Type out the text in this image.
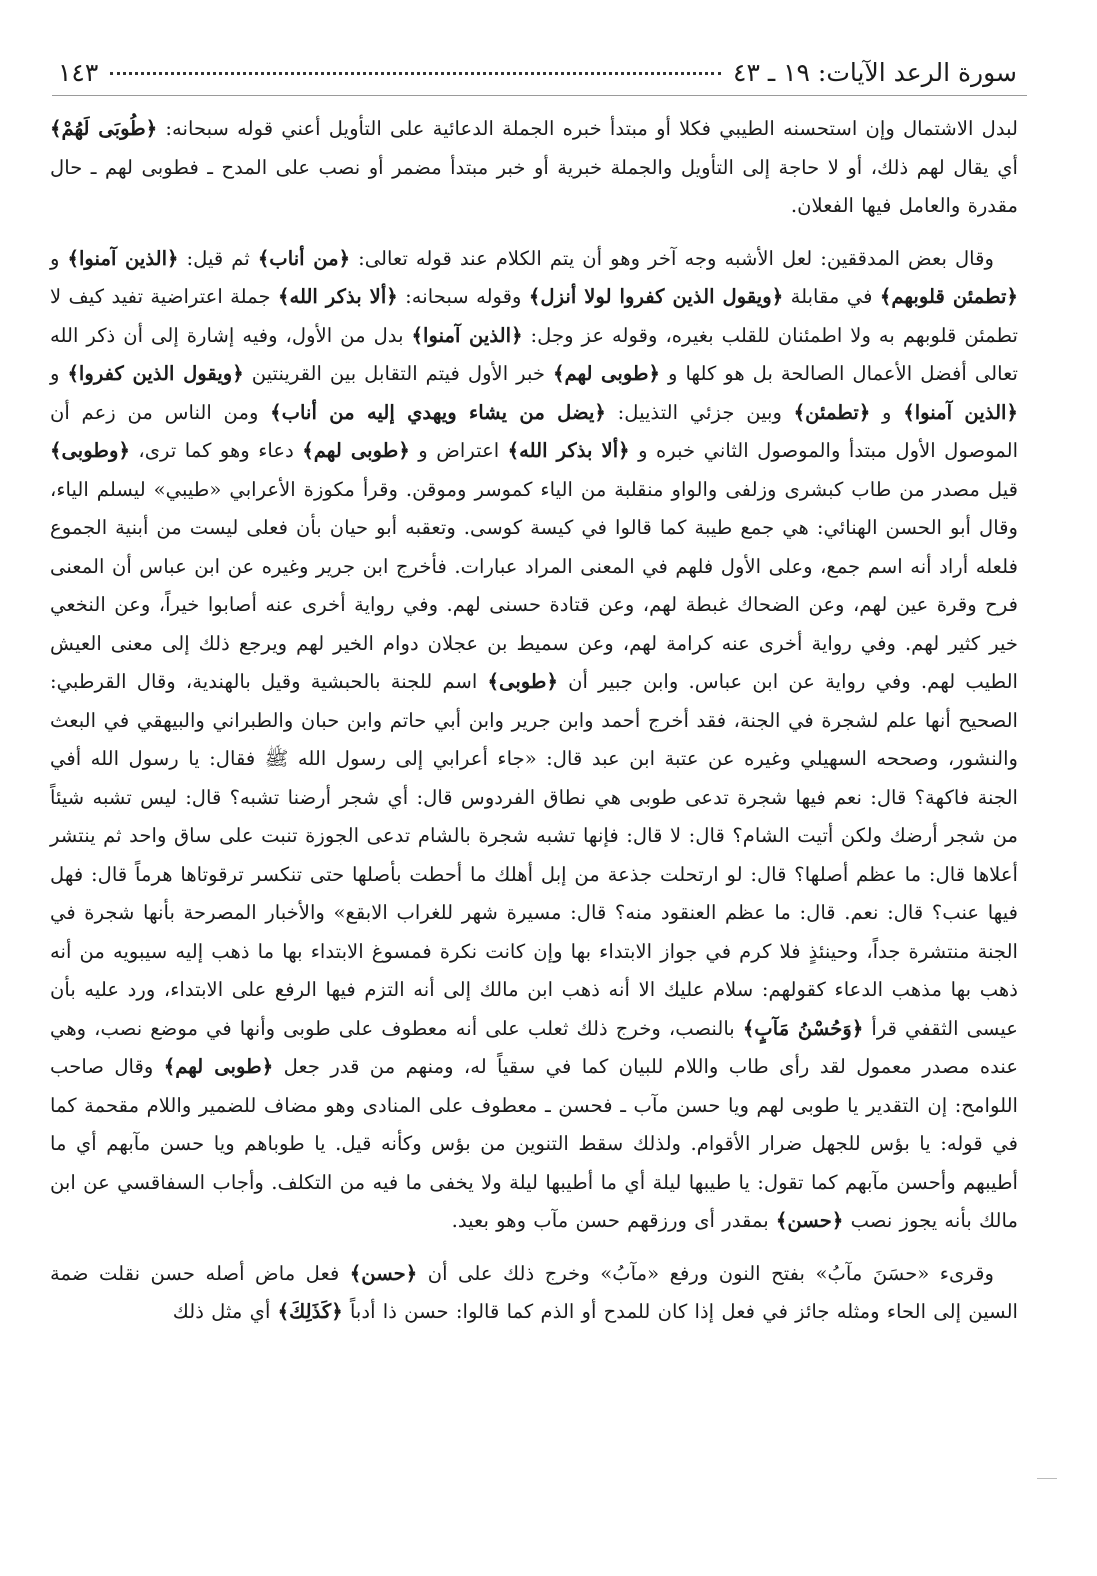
سورة الرعد الآيات: ١٩ ـ ٤٣
١٤٣

لبدل الاشتمال وإن استحسنه الطيبي فكلا أو مبتدأ خبره الجملة الدعائية على التأويل أعني قوله سبحانه: ﴿طُوبَى لَهُمْ﴾ أي يقال لهم ذلك، أو لا حاجة إلى التأويل والجملة خبرية أو خبر مبتدأ مضمر أو نصب على المدح ـ فطوبى لهم ـ حال مقدرة والعامل فيها الفعلان.

وقال بعض المدققين: لعل الأشبه وجه آخر وهو أن يتم الكلام عند قوله تعالى: ﴿من أناب﴾ ثم قيل: ﴿الذين آمنوا﴾ و ﴿تطمئن قلوبهم﴾ في مقابلة ﴿ويقول الذين كفروا لولا أنزل﴾ وقوله سبحانه: ﴿ألا بذكر الله﴾ جملة اعتراضية تفيد كيف لا تطمئن قلوبهم به ولا اطمئنان للقلب بغيره، وقوله عز وجل: ﴿الذين آمنوا﴾ بدل من الأول، وفيه إشارة إلى أن ذكر الله تعالى أفضل الأعمال الصالحة بل هو كلها و ﴿طوبى لهم﴾ خبر الأول فيتم التقابل بين القرينتين ﴿ويقول الذين كفروا﴾ و ﴿الذين آمنوا﴾ و ﴿تطمئن﴾ وبين جزئي التذييل: ﴿يضل من يشاء ويهدي إليه من أناب﴾ ومن الناس من زعم أن الموصول الأول مبتدأ والموصول الثاني خبره و ﴿ألا بذكر الله﴾ اعتراض و ﴿طوبى لهم﴾ دعاء وهو كما ترى، ﴿وطوبى﴾ قيل مصدر من طاب كبشرى وزلفى والواو منقلبة من الياء كموسر وموقن. وقرأ مكوزة الأعرابي «طيبي» ليسلم الياء، وقال أبو الحسن الهنائي: هي جمع طيبة كما قالوا في كيسة كوسى. وتعقبه أبو حيان بأن فعلى ليست من أبنية الجموع فلعله أراد أنه اسم جمع، وعلى الأول فلهم في المعنى المراد عبارات. فأخرج ابن جرير وغيره عن ابن عباس أن المعنى فرح وقرة عين لهم، وعن الضحاك غبطة لهم، وعن قتادة حسنى لهم. وفي رواية أخرى عنه أصابوا خيراً، وعن النخعي خير كثير لهم. وفي رواية أخرى عنه كرامة لهم، وعن سميط بن عجلان دوام الخير لهم ويرجع ذلك إلى معنى العيش الطيب لهم. وفي رواية عن ابن عباس. وابن جبير أن ﴿طوبى﴾ اسم للجنة بالحبشية وقيل بالهندية، وقال القرطبي: الصحيح أنها علم لشجرة في الجنة، فقد أخرج أحمد وابن جرير وابن أبي حاتم وابن حبان والطبراني والبيهقي في البعث والنشور، وصححه السهيلي وغيره عن عتبة ابن عبد قال: «جاء أعرابي إلى رسول الله ﷺ فقال: يا رسول الله أفي الجنة فاكهة؟ قال: نعم فيها شجرة تدعى طوبى هي نطاق الفردوس قال: أي شجر أرضنا تشبه؟ قال: ليس تشبه شيئاً من شجر أرضك ولكن أتيت الشام؟ قال: لا قال: فإنها تشبه شجرة بالشام تدعى الجوزة تنبت على ساق واحد ثم ينتشر أعلاها قال: ما عظم أصلها؟ قال: لو ارتحلت جذعة من إبل أهلك ما أحطت بأصلها حتى تنكسر ترقوتاها هرماً قال: فهل فيها عنب؟ قال: نعم. قال: ما عظم العنقود منه؟ قال: مسيرة شهر للغراب الابقع» والأخبار المصرحة بأنها شجرة في الجنة منتشرة جداً، وحينئذٍ فلا كرم في جواز الابتداء بها وإن كانت نكرة فمسوغ الابتداء بها ما ذهب إليه سيبويه من أنه ذهب بها مذهب الدعاء كقولهم: سلام عليك الا أنه ذهب ابن مالك إلى أنه التزم فيها الرفع على الابتداء، ورد عليه بأن عيسى الثقفي قرأ ﴿وَحُسْنُ مَآبٍ﴾ بالنصب، وخرج ذلك ثعلب على أنه معطوف على طوبى وأنها في موضع نصب، وهي عنده مصدر معمول لقد رأى طاب واللام للبيان كما في سقياً له، ومنهم من قدر جعل ﴿طوبى لهم﴾ وقال صاحب اللوامح: إن التقدير يا طوبى لهم ويا حسن مآب ـ فحسن ـ معطوف على المنادى وهو مضاف للضمير واللام مقحمة كما في قوله: يا بؤس للجهل ضرار الأقوام. ولذلك سقط التنوين من بؤس وكأنه قيل. يا طوباهم ويا حسن مآبهم أي ما أطيبهم وأحسن مآبهم كما تقول: يا طيبها ليلة أي ما أطيبها ليلة ولا يخفى ما فيه من التكلف. وأجاب السفاقسي عن ابن مالك بأنه يجوز نصب ﴿حسن﴾ بمقدر أى ورزقهم حسن مآب وهو بعيد.

وقرىء «حسَنَ مآبُ» بفتح النون ورفع «مآبُ» وخرج ذلك على أن ﴿حسن﴾ فعل ماض أصله حسن نقلت ضمة السين إلى الحاء ومثله جائز في فعل إذا كان للمدح أو الذم كما قالوا: حسن ذا أدباً ﴿كَذَلِكَ﴾ أي مثل ذلك
